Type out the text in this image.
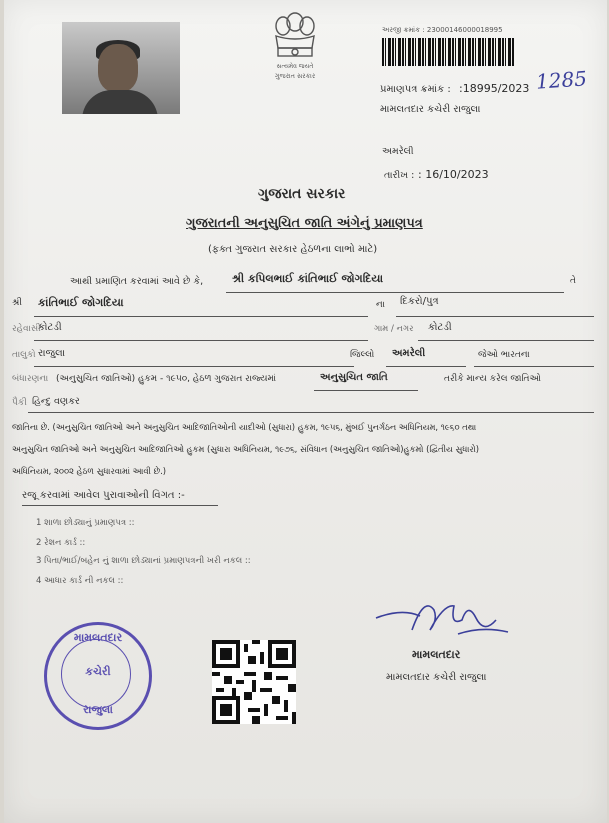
સત્યમેવ જયતે
ગુજરાત સરકાર
અરજી ક્રમાંક : 23000146000018995
પ્રમાણપત્ર ક્રમાંક : :18995/2023 1285
મામલતદાર કચેરી રાજુલા
અમરેલી
તારીખ : : 16/10/2023
ગુજરાત સરકાર
ગુજરાતની અનુસુચિત જાતિ અંગેનું પ્રમાણપત્ર
(ફક્ત ગુજરાત સરકાર હેઠળના લાભો માટે)
આથી પ્રમાણિત કરવામાં આવે છે કે,	શ્રી કપિલભાઈ કાંતિભાઈ જોગદિયા	તે
શ્રી કાંતિભાઈ જોગદિયા	ના દિકરો/પુત્ર
રહેવાસી
કોટડી	ગામ / નગર કોટડી
તાલુકો રાજુલા	જિલ્લો અમરેલી	જેઓ ભારતના
બંધારણના (અનુસુચિત જાતિઓ) હુકમ - ૧૯૫૦, હેઠળ ગુજરાત રાજ્યમાં	અનુસુચિત જાતિ	તરીકે માન્ય કરેલ જાતિઓ
પૈકી હિન્દુ વણકર
જાતિના છે. (અનુસુચિત જાતિઓ અને અનુસુચિત આદિજાતિઓની યાદીઓ (સુધારા) હુકમ, ૧૯૫૬, મુંબઈ પુનર્ગઠન અધિનિયમ, ૧૯૬૦ તથા
અનુસુચિત જાતિઓ અને અનુસુચિત આદિજાતિઓ હુકમ (સુધારા અધિનિયમ, ૧૯૭૬, સંવિધાન (અનુસુચિત જાતિઓ)હુકમો (દ્વિતીય સુધારો)
અધિનિયમ, ૨૦૦૨ હેઠળ સુધારવામાં આવી છે.)
રજૂ કરવામાં આવેલ પુરાવાઓની વિગત :-
1 શાળા છોડ્યાનું પ્રમાણપત્ર ::
2 રેશન કાર્ડ ::
3 પિતા/ભાઈ/બહેન નું શાળા છોડ્યાનાં પ્રમાણપત્રની ખરી નકલ ::
4 આધાર કાર્ડ ની નકલ ::
મામલતદાર
મામલતદાર કચેરી રાજુલા
મામલતદાર
કચેરી
રાજુલા
